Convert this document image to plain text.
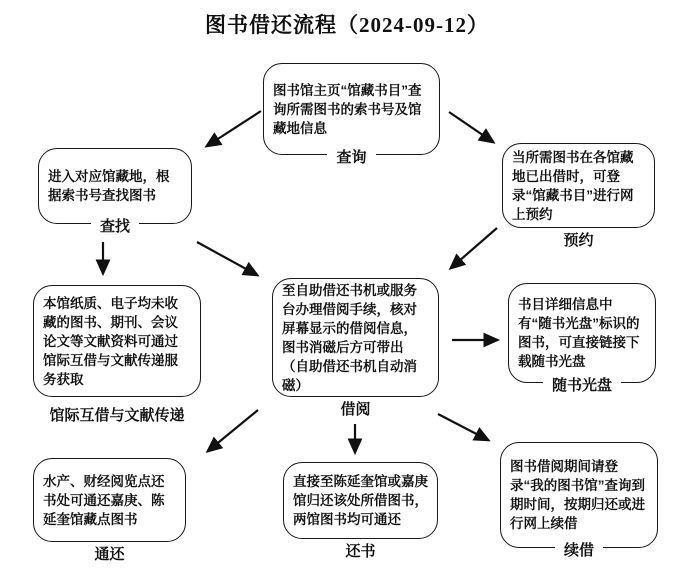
图书借还流程（2024-09-12）
图书馆主页“馆藏书目”查询所需图书的索书号及馆藏地信息
查询
进入对应馆藏地，根据索书号查找图书
查找
当所需图书在各馆藏地已出借时，可登录“馆藏书目”进行网上预约
预约
本馆纸质、电子均未收藏的图书、期刊、会议论文等文献资料可通过馆际互借与文献传递服务获取
馆际互借与文献传递
至自助借还书机或服务台办理借阅手续，核对屏幕显示的借阅信息，图书消磁后方可带出（自助借还书机自动消磁）
借阅
书目详细信息中有“随书光盘”标识的图书，可直接链接下载随书光盘
随书光盘
水产、财经阅览点还书处可通还嘉庚、陈延奎馆藏点图书
通还
直接至陈延奎馆或嘉庚馆归还该处所借图书，两馆图书均可通还
还书
图书借阅期间请登录“我的图书馆”查询到期时间，按期归还或进行网上续借
续借
